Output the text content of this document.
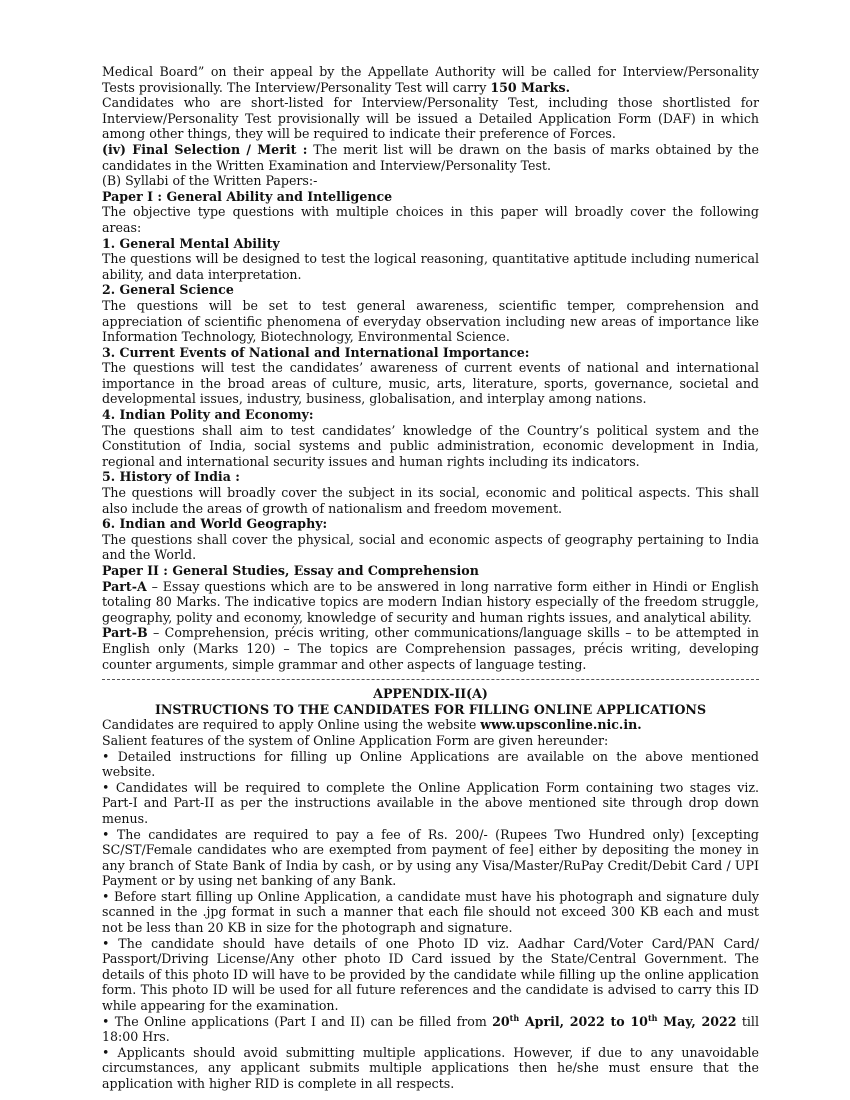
Medical Board” on their appeal by the Appellate Authority will be called for Interview/Personality Tests provisionally. The Interview/Personality Test will carry 150 Marks.

Candidates who are short-listed for Interview/Personality Test, including those shortlisted for Interview/Personality Test provisionally will be issued a Detailed Application Form (DAF) in which among other things, they will be required to indicate their preference of Forces.

(iv) Final Selection / Merit : The merit list will be drawn on the basis of marks obtained by the candidates in the Written Examination and Interview/Personality Test.

(B) Syllabi of the Written Papers:-

Paper I : General Ability and Intelligence

The objective type questions with multiple choices in this paper will broadly cover the following areas:

1. General Mental Ability

The questions will be designed to test the logical reasoning, quantitative aptitude including numerical ability, and data interpretation.

2. General Science

The questions will be set to test general awareness, scientific temper, comprehension and appreciation of scientific phenomena of everyday observation including new areas of importance like Information Technology, Biotechnology, Environmental Science.

3. Current Events of National and International Importance:

The questions will test the candidates’ awareness of current events of national and international importance in the broad areas of culture, music, arts, literature, sports, governance, societal and developmental issues, industry, business, globalisation, and interplay among nations.

4. Indian Polity and Economy:

The questions shall aim to test candidates’ knowledge of the Country’s political system and the Constitution of India, social systems and public administration, economic development in India, regional and international security issues and human rights including its indicators.

5. History of India :

The questions will broadly cover the subject in its social, economic and political aspects. This shall also include the areas of growth of nationalism and freedom movement.

6. Indian and World Geography:

The questions shall cover the physical, social and economic aspects of geography pertaining to India and the World.

Paper II : General Studies, Essay and Comprehension

Part-A – Essay questions which are to be answered in long narrative form either in Hindi or English totaling 80 Marks. The indicative topics are modern Indian history especially of the freedom struggle, geography, polity and economy, knowledge of security and human rights issues, and analytical ability.

Part-B – Comprehension, précis writing, other communications/language skills – to be attempted in English only (Marks 120) – The topics are Comprehension passages, précis writing, developing counter arguments, simple grammar and other aspects of language testing.

APPENDIX-II(A)

INSTRUCTIONS TO THE CANDIDATES FOR FILLING ONLINE APPLICATIONS

Candidates are required to apply Online using the website www.upsconline.nic.in.

Salient features of the system of Online Application Form are given hereunder:

• Detailed instructions for filling up Online Applications are available on the above mentioned website.

• Candidates will be required to complete the Online Application Form containing two stages viz. Part-I and Part-II as per the instructions available in the above mentioned site through drop down menus.

• The candidates are required to pay a fee of Rs. 200/- (Rupees Two Hundred only) [excepting SC/ST/Female candidates who are exempted from payment of fee] either by depositing the money in any branch of State Bank of India by cash, or by using any Visa/Master/RuPay Credit/Debit Card / UPI Payment or by using net banking of any Bank.

• Before start filling up Online Application, a candidate must have his photograph and signature duly scanned in the .jpg format in such a manner that each file should not exceed 300 KB each and must not be less than 20 KB in size for the photograph and signature.

• The candidate should have details of one Photo ID viz. Aadhar Card/Voter Card/PAN Card/ Passport/Driving License/Any other photo ID Card issued by the State/Central Government. The details of this photo ID will have to be provided by the candidate while filling up the online application form. This photo ID will be used for all future references and the candidate is advised to carry this ID while appearing for the examination.

• The Online applications (Part I and II) can be filled from 20th April, 2022 to 10th May, 2022 till 18:00 Hrs.

• Applicants should avoid submitting multiple applications. However, if due to any unavoidable circumstances, any applicant submits multiple applications then he/she must ensure that the application with higher RID is complete in all respects.
